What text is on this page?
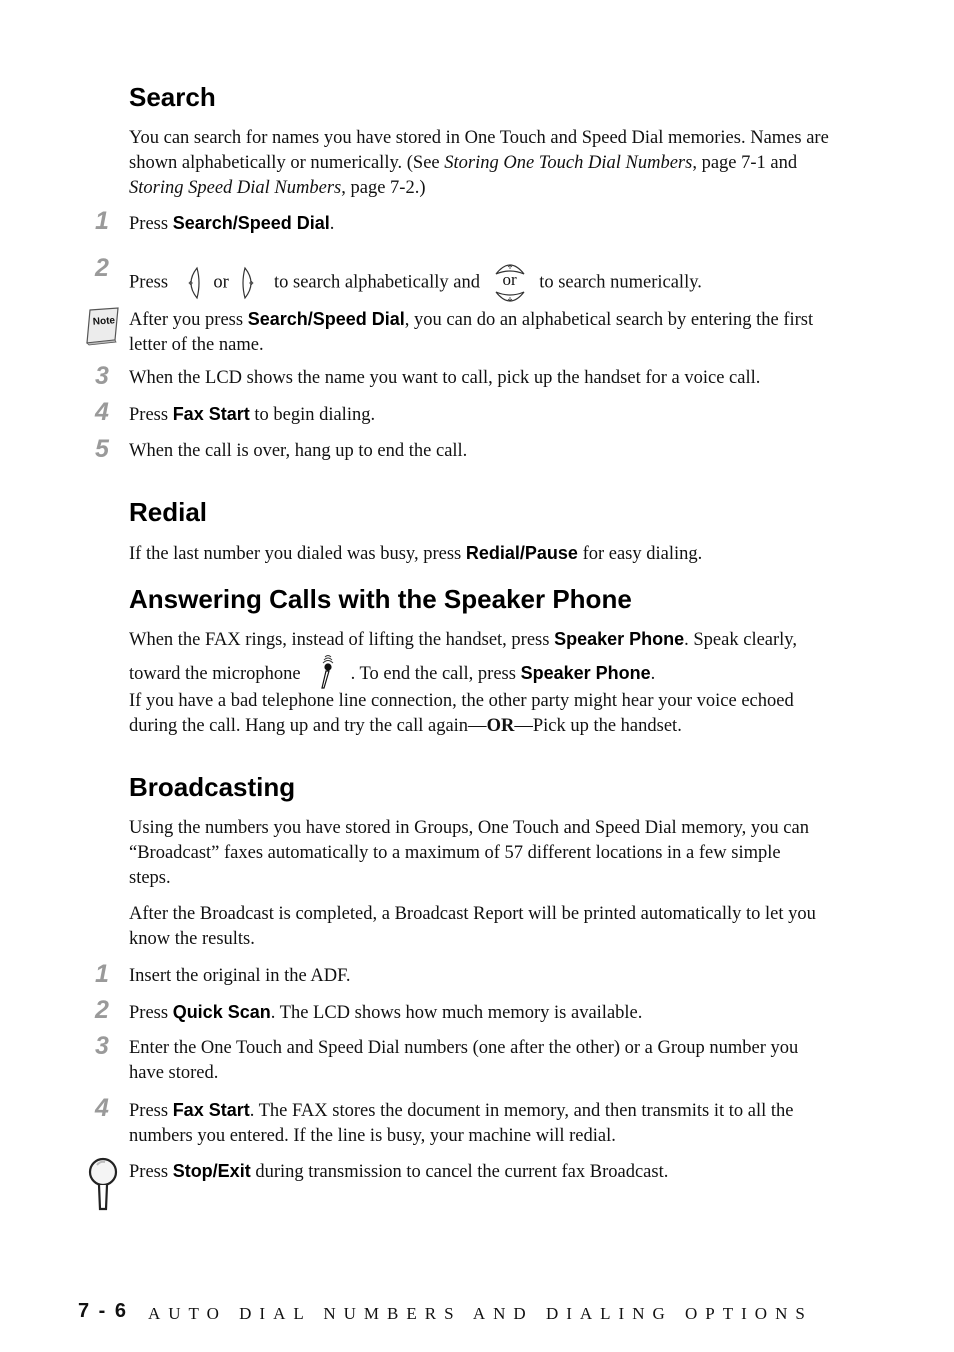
Search
You can search for names you have stored in One Touch and Speed Dial memories. Names are shown alphabetically or numerically. (See Storing One Touch Dial Numbers, page 7-1 and Storing Speed Dial Numbers, page 7-2.)
1	Press Search/Speed Dial.
2
Press or to search alphabetically and	or	to search numerically.
Note After you press Search/Speed Dial, you can do an alphabetical search by entering the first letter of the name.
3	When the LCD shows the name you want to call, pick up the handset for a voice call.
4	Press Fax Start to begin dialing.
5	When the call is over, hang up to end the call.
Redial
If the last number you dialed was busy, press Redial/Pause for easy dialing.
Answering Calls with the Speaker Phone
When the FAX rings, instead of lifting the handset, press Speaker Phone. Speak clearly, toward the microphone	. To end the call, press Speaker Phone.
If you have a bad telephone line connection, the other party might hear your voice echoed during the call. Hang up and try the call again—OR—Pick up the handset.
Broadcasting
Using the numbers you have stored in Groups, One Touch and Speed Dial memory, you can “Broadcast” faxes automatically to a maximum of 57 different locations in a few simple steps.
After the Broadcast is completed, a Broadcast Report will be printed automatically to let you know the results.
1	Insert the original in the ADF.
2	Press Quick Scan. The LCD shows how much memory is available.
3	Enter the One Touch and Speed Dial numbers (one after the other) or a Group number you have stored.
4	Press Fax Start. The FAX stores the document in memory, and then transmits it to all the numbers you entered. If the line is busy, your machine will redial.
Press Stop/Exit during transmission to cancel the current fax Broadcast.
7 - 6 AUTO DIAL NUMBERS AND DIALING OPTIONS
